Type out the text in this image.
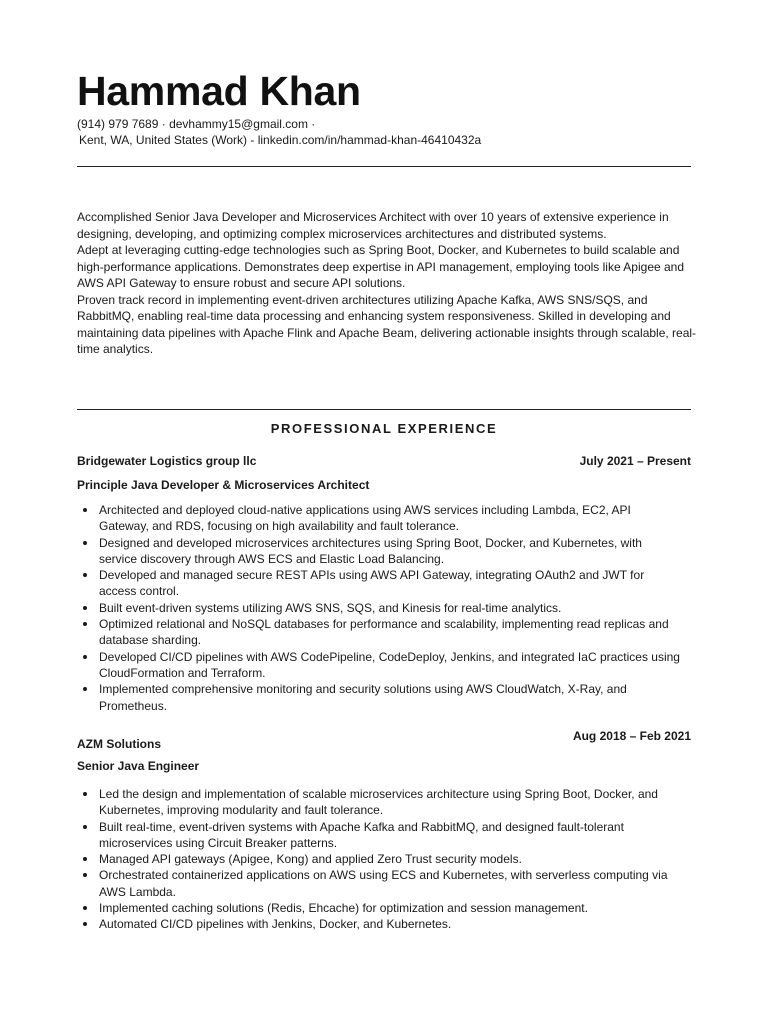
Hammad Khan
(914) 979 7689 · devhammy15@gmail.com ·
Kent, WA, United States (Work) - linkedin.com/in/hammad-khan-46410432a

Accomplished Senior Java Developer and Microservices Architect with over 10 years of extensive experience in designing, developing, and optimizing complex microservices architectures and distributed systems.

Adept at leveraging cutting-edge technologies such as Spring Boot, Docker, and Kubernetes to build scalable and high-performance applications. Demonstrates deep expertise in API management, employing tools like Apigee and AWS API Gateway to ensure robust and secure API solutions.

Proven track record in implementing event-driven architectures utilizing Apache Kafka, AWS SNS/SQS, and RabbitMQ, enabling real-time data processing and enhancing system responsiveness. Skilled in developing and maintaining data pipelines with Apache Flink and Apache Beam, delivering actionable insights through scalable, real-time analytics.

PROFESSIONAL EXPERIENCE
Bridgewater Logistics group llc	July 2021 – Present
Principle Java Developer & Microservices Architect
Architected and deployed cloud-native applications using AWS services including Lambda, EC2, API Gateway, and RDS, focusing on high availability and fault tolerance.
Designed and developed microservices architectures using Spring Boot, Docker, and Kubernetes, with service discovery through AWS ECS and Elastic Load Balancing.
Developed and managed secure REST APIs using AWS API Gateway, integrating OAuth2 and JWT for access control.
Built event-driven systems utilizing AWS SNS, SQS, and Kinesis for real-time analytics.
Optimized relational and NoSQL databases for performance and scalability, implementing read replicas and database sharding.
Developed CI/CD pipelines with AWS CodePipeline, CodeDeploy, Jenkins, and integrated IaC practices using CloudFormation and Terraform.
Implemented comprehensive monitoring and security solutions using AWS CloudWatch, X-Ray, and Prometheus.
AZM Solutions
Aug 2018 – Feb 2021
Senior Java Engineer
Led the design and implementation of scalable microservices architecture using Spring Boot, Docker, and Kubernetes, improving modularity and fault tolerance.
Built real-time, event-driven systems with Apache Kafka and RabbitMQ, and designed fault-tolerant microservices using Circuit Breaker patterns.
Managed API gateways (Apigee, Kong) and applied Zero Trust security models.
Orchestrated containerized applications on AWS using ECS and Kubernetes, with serverless computing via AWS Lambda.
Implemented caching solutions (Redis, Ehcache) for optimization and session management.
Automated CI/CD pipelines with Jenkins, Docker, and Kubernetes.
